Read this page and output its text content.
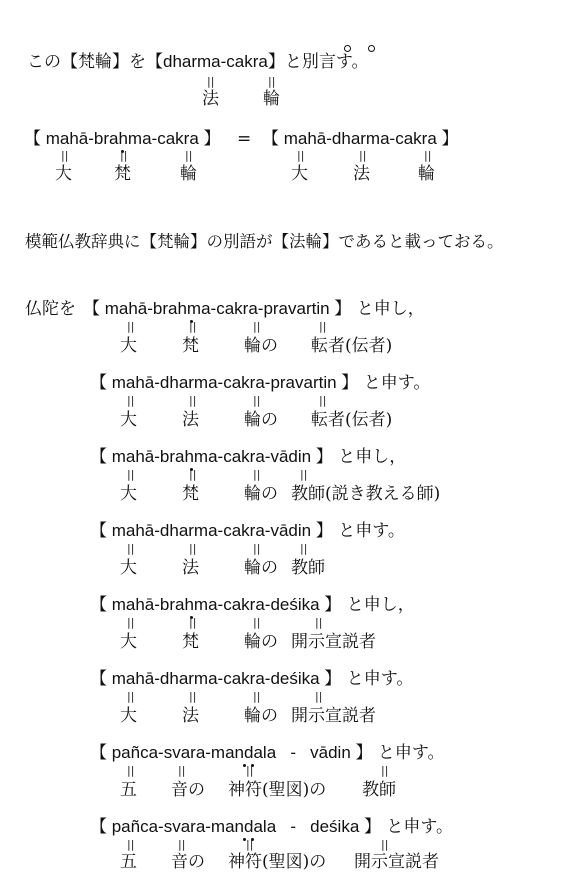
この【梵輪】を【dharma-cakra】と別言す。
||	||
法	輪
【 mahā-brahma-cakra 】 = 【 mahā-dharma-cakra 】
||	||	||	||	||	||
大 梵	輪	大	法	輪
模範仏教辞典に【梵輪】の別語が【法輪】であると載っておる。
仏陀を 【 mahā-brahma-cakra-pravartin 】 と申し，
||	||	||	||
大	梵	輪の 転者(伝者)
【 mahā-dharma-cakra-pravartin 】 と申す。
||	||	||	||
大	法	輪の 転者(伝者)
【 mahā-brahma-cakra-vādin 】 と申し，
||	||	||	||
大	梵	輪の 教師(説き教える師)
【 mahā-dharma-cakra-vādin 】 と申す。
||	||	||	||
大	法	輪の 教師
【 mahā-brahma-cakra-deśika 】 と申し，
||	||	||	||
大	梵	輪の 開示宣説者
【 mahā-dharma-cakra-deśika 】 と申す。
||	||	||	||
大	法	輪の 開示宣説者
【 pañca-svara-mandala   -   vādin 】 と申す。
||	||	||	||
五 音の 神符(聖図)の 教師
【 pañca-svara-mandala   -   deśika 】 と申す。
||	||	||	||
五 音の 神符(聖図)の 開示宣説者
